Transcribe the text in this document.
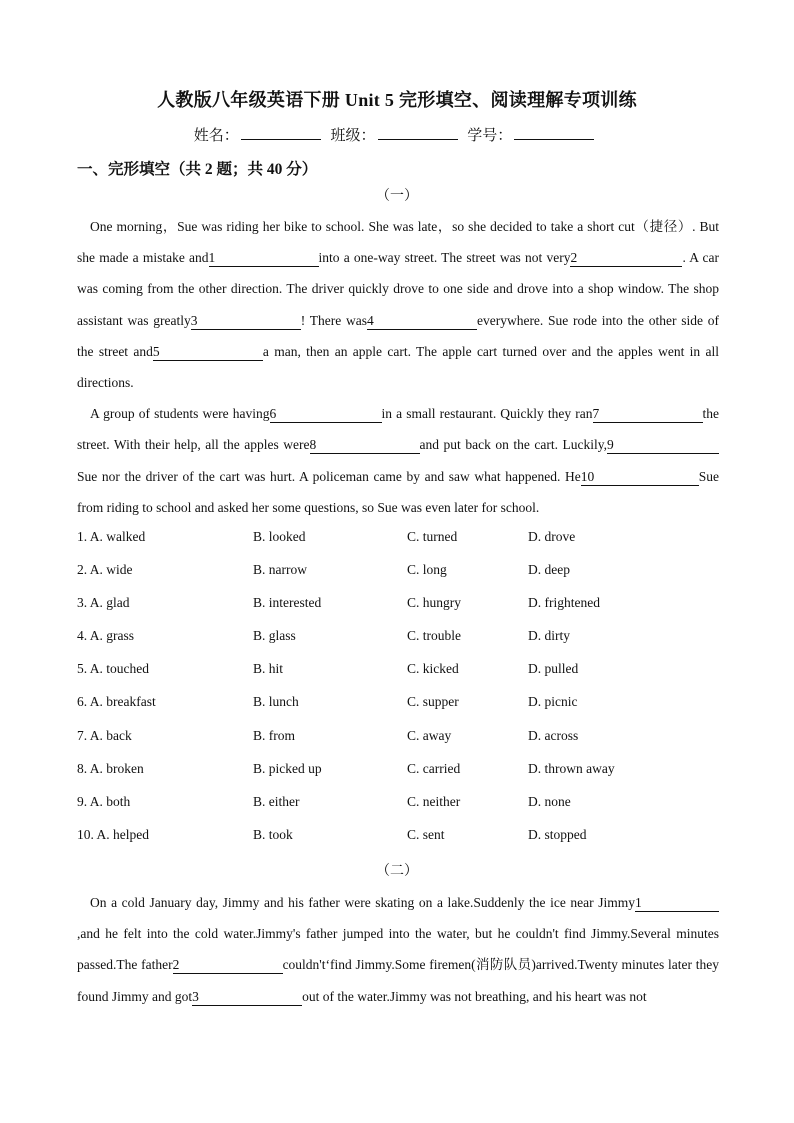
人教版八年级英语下册 Unit 5 完形填空、阅读理解专项训练
姓名：	班级：	学号：
一、完形填空（共 2 题；共 40 分）
（一）

One morning，Sue was riding her bike to school. She was late，so she decided to take a short cut（捷径）. But she made a mistake and1	into a one-way street. The street was not very2	. A car was coming from the other direction. The driver quickly drove to one side and drove into a shop window. The shop assistant was greatly3	! There was4	everywhere. Sue rode into the other side of the street and5	a man, then an apple cart. The apple cart turned over and the apples went in all directions.

A group of students were having6	in a small restaurant. Quickly they ran7	the street. With their help, all the apples were8	and put back on the cart. Luckily,9Sue nor the driver of the cart was hurt. A policeman came by and saw what happened. He10	Sue from riding to school and asked her some questions, so Sue was even later for school.

1. A. walked	B. looked	C. turned	D. drove
2. A. wide	B. narrow	C. long	D. deep
3. A. glad	B. interested	C. hungry	D. frightened
4. A. grass	B. glass	C. trouble	D. dirty
5. A. touched	B. hit	C. kicked	D. pulled
6. A. breakfast	B. lunch	C. supper	D. picnic
7. A. back	B. from	C. away	D. across
8. A. broken	B. picked up	C. carried	D. thrown away
9. A. both	B. either	C. neither	D. none
10. A. helped	B. took	C. sent	D. stopped
（二）

On a cold January day, Jimmy and his father were skating on a lake.Suddenly the ice near Jimmy1,and he felt into the cold water.Jimmy's father jumped into the water, but he couldn't find Jimmy.Several minutes passed.The father2	couldn't‘find Jimmy.Some firemen(消防队员)arrived.Twenty minutes later they found Jimmy and got3	out of the water.Jimmy was not breathing, and his heart was not
